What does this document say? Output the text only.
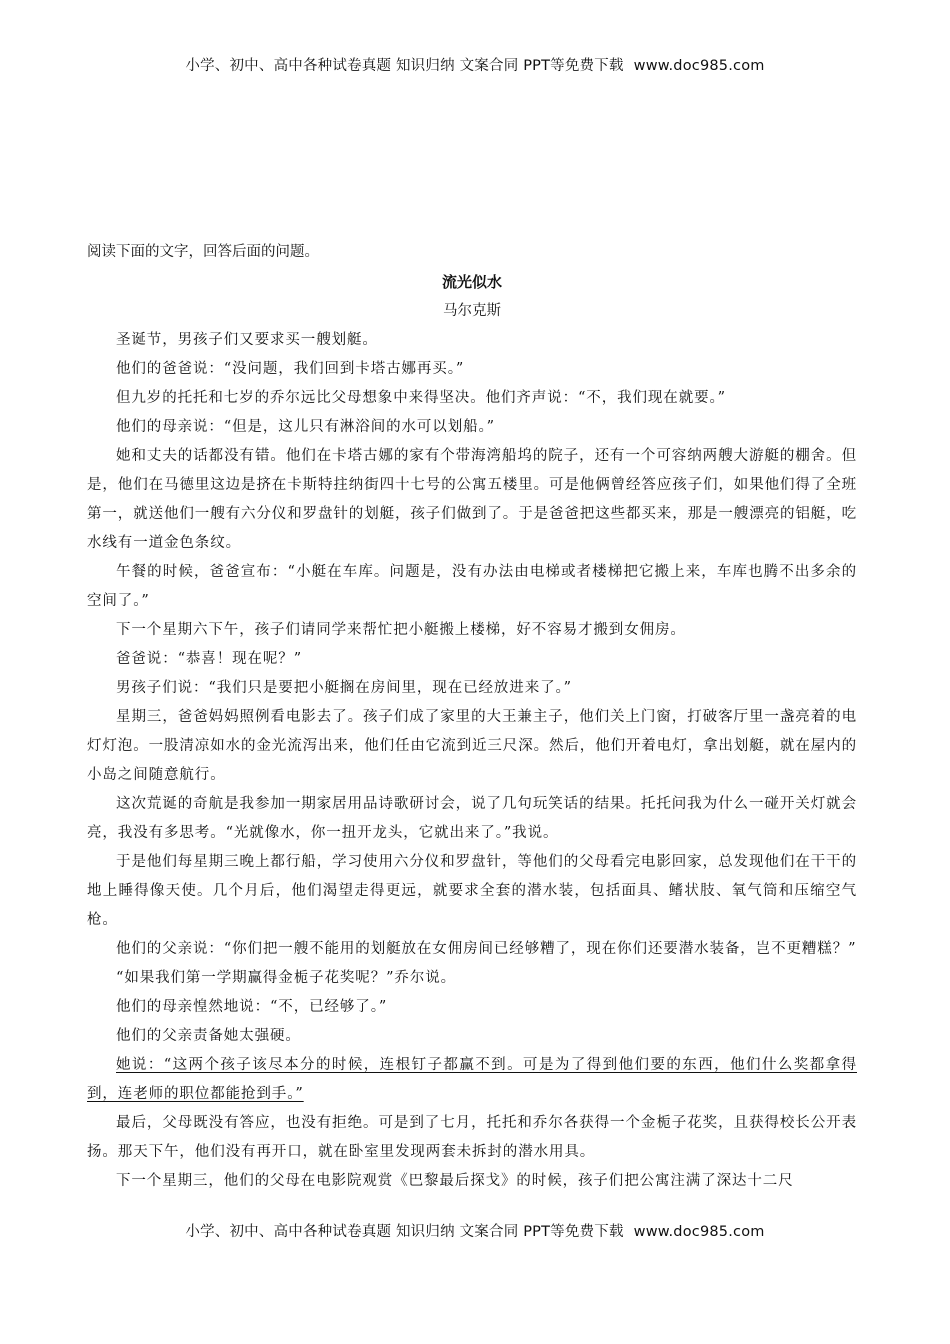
小学、初中、高中各种试卷真题 知识归纳 文案合同 PPT等免费下载 www.doc985.com
阅读下面的文字，回答后面的问题。
流光似水
马尔克斯

圣诞节，男孩子们又要求买一艘划艇。

他们的爸爸说：“没问题，我们回到卡塔古娜再买。”

但九岁的托托和七岁的乔尔远比父母想象中来得坚决。他们齐声说：“不，我们现在就要。”

他们的母亲说：“但是，这儿只有淋浴间的水可以划船。”

她和丈夫的话都没有错。他们在卡塔古娜的家有个带海湾船坞的院子，还有一个可容纳两艘大游艇的棚舍。但是，他们在马德里这边是挤在卡斯特拄纳街四十七号的公寓五楼里。可是他俩曾经答应孩子们，如果他们得了全班第一，就送他们一艘有六分仪和罗盘针的划艇，孩子们做到了。于是爸爸把这些都买来，那是一艘漂亮的铝艇，吃水线有一道金色条纹。

午餐的时候，爸爸宣布：“小艇在车库。问题是，没有办法由电梯或者楼梯把它搬上来，车库也腾不出多余的空间了。”

下一个星期六下午，孩子们请同学来帮忙把小艇搬上楼梯，好不容易才搬到女佣房。

爸爸说：“恭喜！现在呢？”

男孩子们说：“我们只是要把小艇搁在房间里，现在已经放进来了。”

星期三，爸爸妈妈照例看电影去了。孩子们成了家里的大王兼主子，他们关上门窗，打破客厅里一盏亮着的电灯灯泡。一股清凉如水的金光流泻出来，他们任由它流到近三尺深。然后，他们开着电灯，拿出划艇，就在屋内的小岛之间随意航行。

这次荒诞的奇航是我参加一期家居用品诗歌研讨会，说了几句玩笑话的结果。托托问我为什么一碰开关灯就会亮，我没有多思考。“光就像水，你一扭开龙头，它就出来了。”我说。

于是他们每星期三晚上都行船，学习使用六分仪和罗盘针，等他们的父母看完电影回家，总发现他们在干干的地上睡得像天使。几个月后，他们渴望走得更远，就要求全套的潜水装，包括面具、鳍状肢、氧气筒和压缩空气枪。

他们的父亲说：“你们把一艘不能用的划艇放在女佣房间已经够糟了，现在你们还要潜水装备，岂不更糟糕？”

“如果我们第一学期赢得金栀子花奖呢？”乔尔说。

他们的母亲惶然地说：“不，已经够了。”

他们的父亲责备她太强硬。

她说：“这两个孩子该尽本分的时候，连根钉子都赢不到。可是为了得到他们要的东西，他们什么奖都拿得到，连老师的职位都能抢到手。”

最后，父母既没有答应，也没有拒绝。可是到了七月，托托和乔尔各获得一个金栀子花奖，且获得校长公开表扬。那天下午，他们没有再开口，就在卧室里发现两套未拆封的潜水用具。

下一个星期三，他们的父母在电影院观赏《巴黎最后探戈》的时候，孩子们把公寓注满了深达十二尺

小学、初中、高中各种试卷真题 知识归纳 文案合同 PPT等免费下载 www.doc985.com
